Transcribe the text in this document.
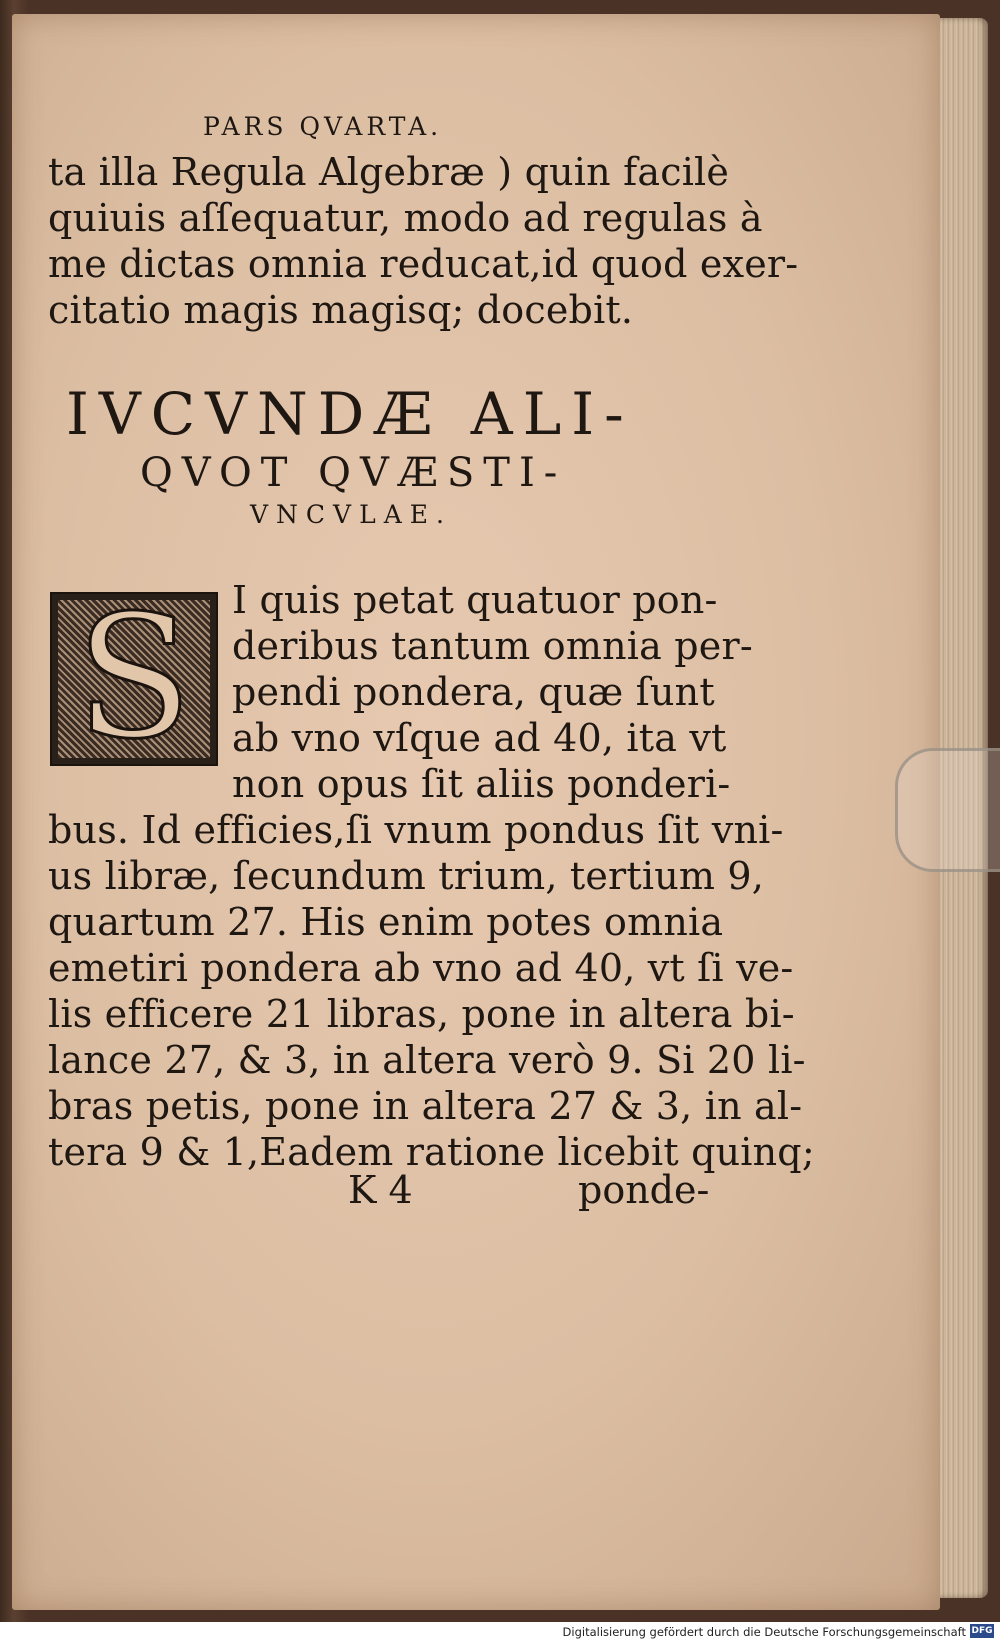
PARS QVARTA.
ta illa Regula Algebræ ) quin facilè
quiuis aſſequatur, modo ad regulas à
me dictas omnia reducat,id quod exer-
citatio magis magisq; docebit.
IVCVNDÆ ALI-
QVOT QVÆSTI-
VNCVLAE.
S	I quis petat quatuor pon-
deribus tantum omnia per-
pendi pondera, quæ ſunt
ab vno vſque ad 40, ita vt
non opus ſit aliis ponderi-
bus. Id efficies,ſi vnum pondus ſit vni-
us libræ, ſecundum trium, tertium 9,
quartum 27. His enim potes omnia
emetiri pondera ab vno ad 40, vt ſi ve-
lis efficere 21 libras, pone in altera bi-
lance 27, & 3, in altera verò 9. Si 20 li-
bras petis, pone in altera 27 & 3, in al-
tera 9 & 1,Eadem ratione licebit quinq;
K 4	ponde-
Digitalisierung gefördert durch die Deutsche Forschungsgemeinschaft DFG
